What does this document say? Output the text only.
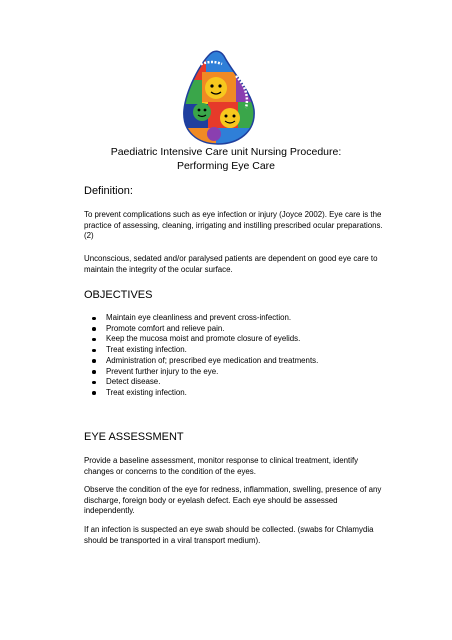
Paediatric Intensive Care unit Nursing Procedure:
Performing Eye Care
Definition:

To prevent complications such as eye infection or injury (Joyce 2002). Eye care is the practice of assessing, cleaning, irrigating and instilling prescribed ocular preparations. (2)

Unconscious, sedated and/or paralysed patients are dependent on good eye care to maintain the integrity of the ocular surface.

OBJECTIVES
Maintain eye cleanliness and prevent cross-infection.
Promote comfort and relieve pain.
Keep the mucosa moist and promote closure of eyelids.
Treat existing infection.
Administration of; prescribed eye medication and treatments.
Prevent further injury to the eye.
Detect disease.
Treat existing infection.
EYE ASSESSMENT

Provide a baseline assessment, monitor response to clinical treatment, identify changes or concerns to the condition of the eyes.

Observe the condition of the eye for redness, inflammation, swelling, presence of any discharge, foreign body or eyelash defect. Each eye should be assessed independently.

If an infection is suspected an eye swab should be collected. (swabs for Chlamydia should be transported in a viral transport medium).
